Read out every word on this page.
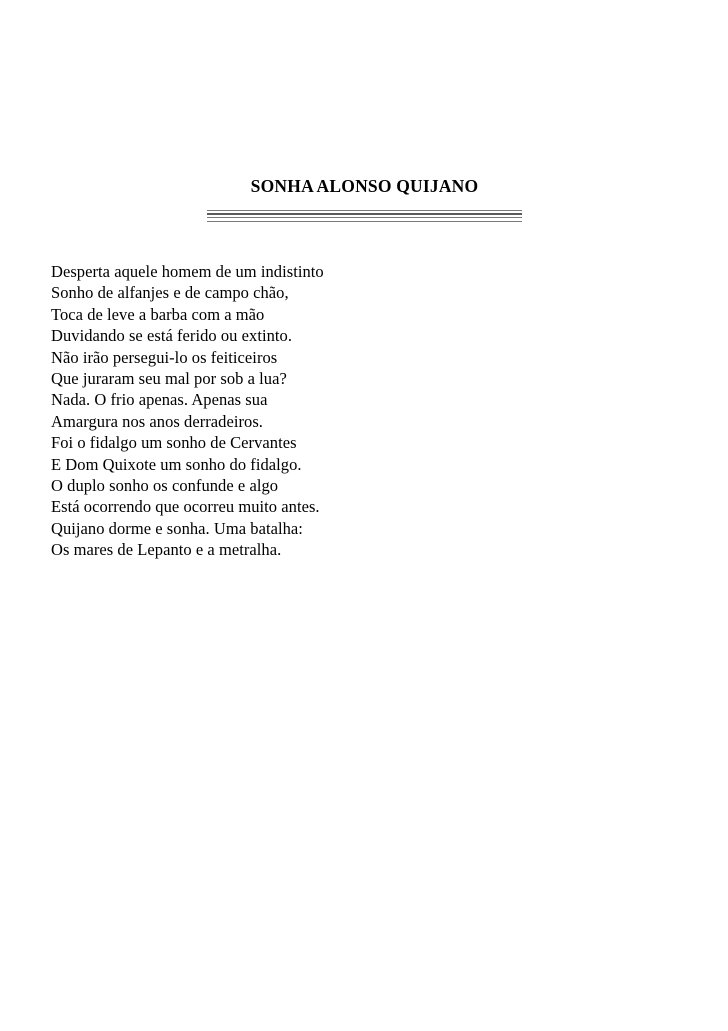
SONHA ALONSO QUIJANO
Desperta aquele homem de um indistinto
Sonho de alfanjes e de campo chão,
Toca de leve a barba com a mão
Duvidando se está ferido ou extinto.
Não irão persegui-lo os feiticeiros
Que juraram seu mal por sob a lua?
Nada. O frio apenas. Apenas sua
Amargura nos anos derradeiros.
Foi o fidalgo um sonho de Cervantes
E Dom Quixote um sonho do fidalgo.
O duplo sonho os confunde e algo
Está ocorrendo que ocorreu muito antes.
Quijano dorme e sonha. Uma batalha:
Os mares de Lepanto e a metralha.
